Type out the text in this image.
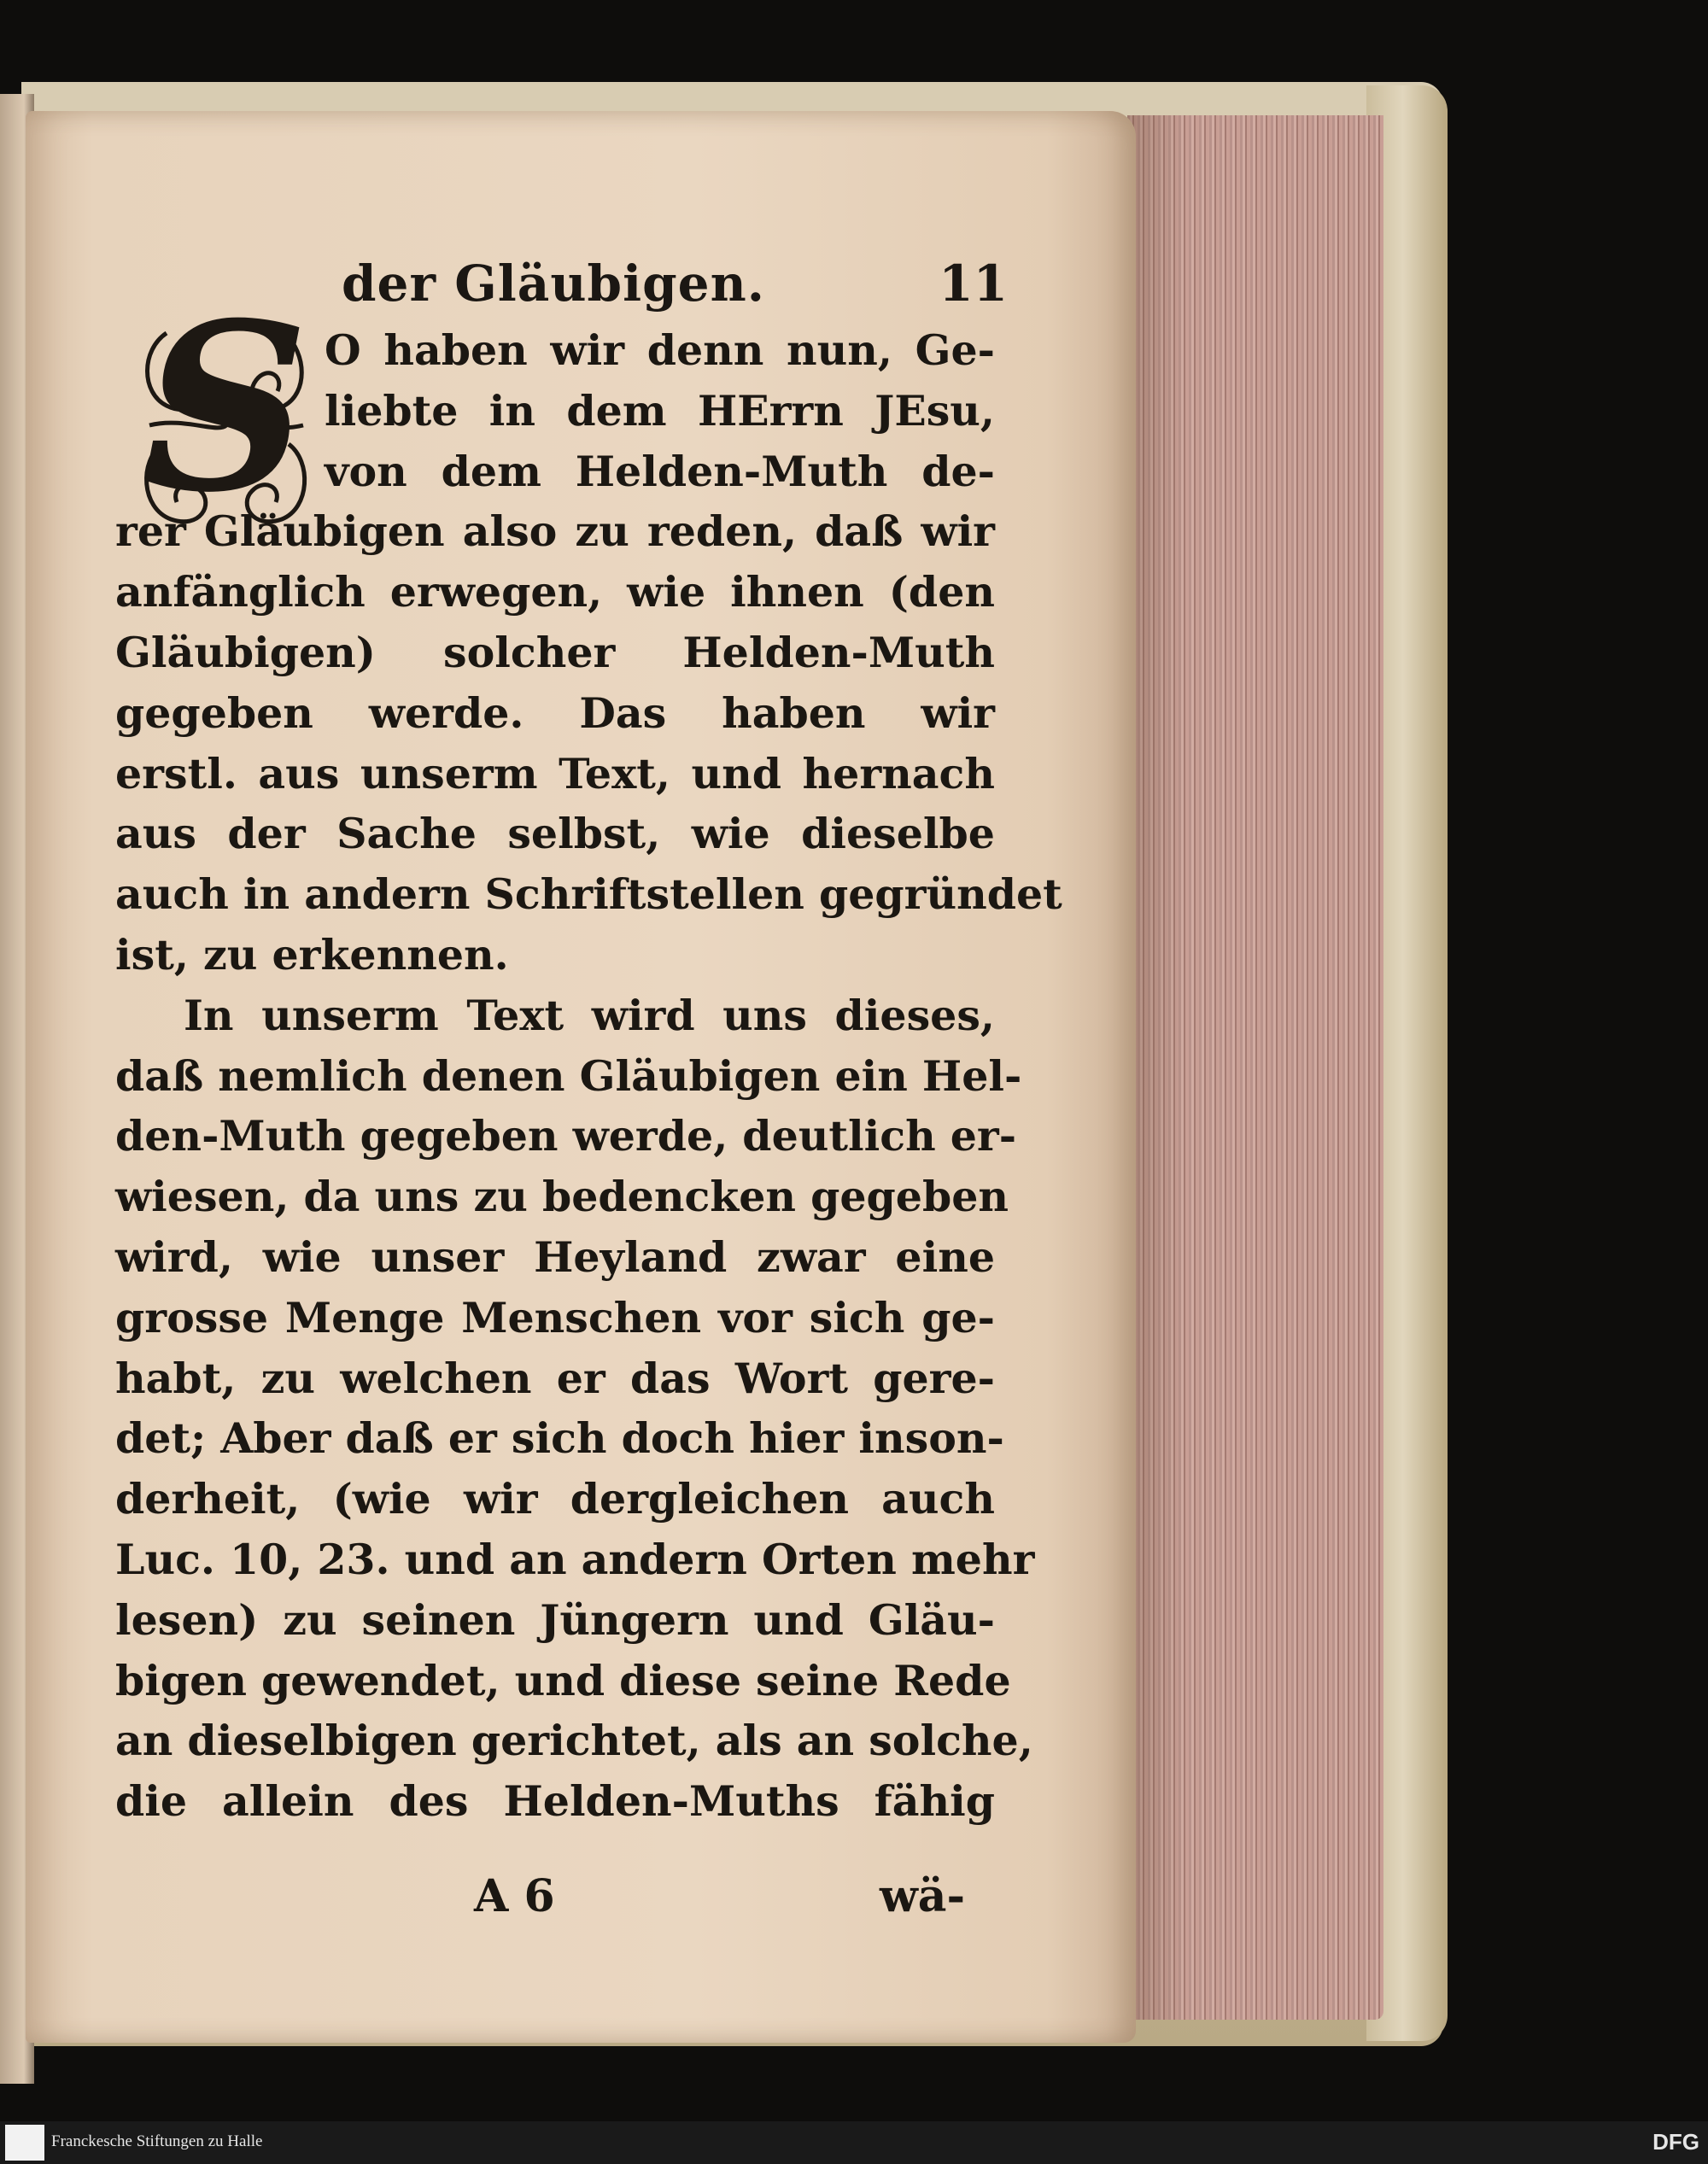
der Gläubigen.	11
S O haben wir denn nun, Ge-
liebte in dem HErrn JEsu,
von dem Helden-Muth de-
rer Gläubigen also zu reden, daß wir
anfänglich erwegen, wie ihnen (den
Gläubigen) solcher Helden-Muth
gegeben werde. Das haben wir
erstl. aus unserm Text, und hernach
aus der Sache selbst, wie dieselbe
auch in andern Schriftstellen gegründet
ist, zu erkennen.
In unserm Text wird uns dieses,
daß nemlich denen Gläubigen ein Hel-
den-Muth gegeben werde, deutlich er-
wiesen, da uns zu bedencken gegeben
wird, wie unser Heyland zwar eine
grosse Menge Menschen vor sich ge-
habt, zu welchen er das Wort gere-
det; Aber daß er sich doch hier inson-
derheit, (wie wir dergleichen auch
Luc. 10, 23. und an andern Orten mehr
lesen) zu seinen Jüngern und Gläu-
bigen gewendet, und diese seine Rede
an dieselbigen gerichtet, als an solche,
die allein des Helden-Muths fähig
A 6	wä-
Franckesche Stiftungen zu Halle	DFG
